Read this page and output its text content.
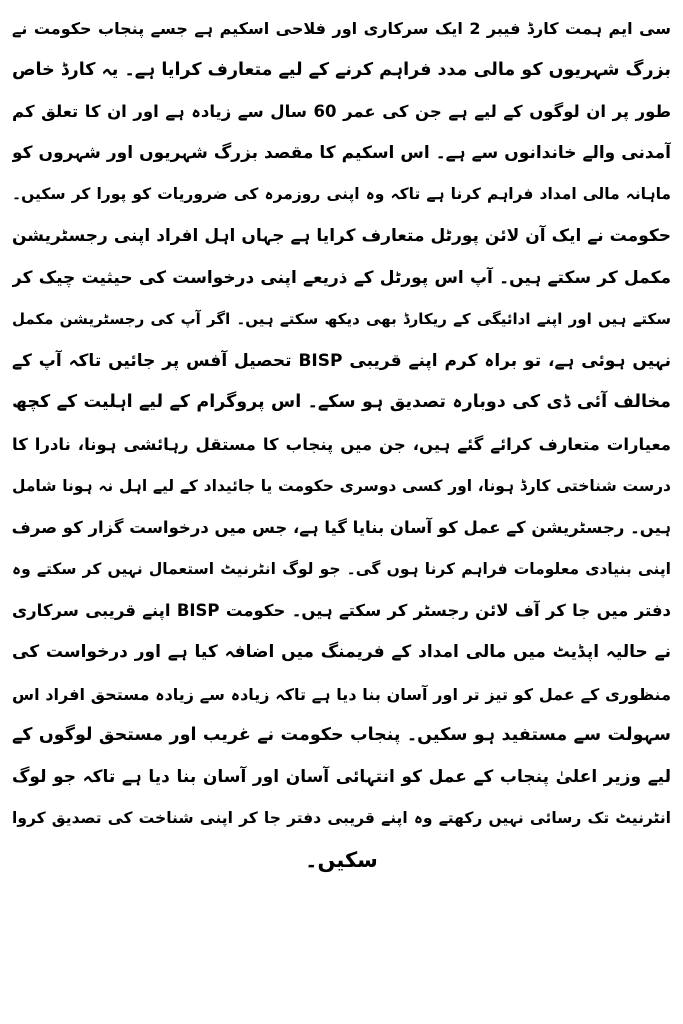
سی ایم ہمت کارڈ فیبر 2 ایک سرکاری اور فلاحی اسکیم ہے جسے پنجاب حکومت نے
بزرگ شہریوں کو مالی مدد فراہم کرنے کے لیے متعارف کرایا ہے۔ یہ کارڈ خاص
طور پر ان لوگوں کے لیے ہے جن کی عمر 60 سال سے زیادہ ہے اور ان کا تعلق کم
آمدنی والے خاندانوں سے ہے۔ اس اسکیم کا مقصد بزرگ شہریوں اور شہروں کو
ماہانہ مالی امداد فراہم کرنا ہے تاکہ وہ اپنی روزمرہ کی ضروریات کو پورا کر سکیں۔
حکومت نے ایک آن لائن پورٹل متعارف کرایا ہے جہاں اہل افراد اپنی رجسٹریشن
مکمل کر سکتے ہیں۔ آپ اس پورٹل کے ذریعے اپنی درخواست کی حیثیت چیک کر
سکتے ہیں اور اپنے ادائیگی کے ریکارڈ بھی دیکھ سکتے ہیں۔ اگر آپ کی رجسٹریشن مکمل
نہیں ہوئی ہے، تو براہ کرم اپنے قریبی BISP تحصیل آفس پر جائیں تاکہ آپ کے
مخالف آئی ڈی کی دوبارہ تصدیق ہو سکے۔ اس پروگرام کے لیے اہلیت کے کچھ
معیارات متعارف کرائے گئے ہیں، جن میں پنجاب کا مستقل رہائشی ہونا، نادرا کا
درست شناختی کارڈ ہونا، اور کسی دوسری حکومت یا جائیداد کے لیے اہل نہ ہونا شامل
ہیں۔ رجسٹریشن کے عمل کو آسان بنایا گیا ہے، جس میں درخواست گزار کو صرف
اپنی بنیادی معلومات فراہم کرنا ہوں گی۔ جو لوگ انٹرنیٹ استعمال نہیں کر سکتے وہ
دفتر میں جا کر آف لائن رجسٹر کر سکتے ہیں۔ حکومت BISP اپنے قریبی سرکاری
نے حالیہ اپڈیٹ میں مالی امداد کے فریمنگ میں اضافہ کیا ہے اور درخواست کی
منظوری کے عمل کو تیز تر اور آسان بنا دیا ہے تاکہ زیادہ سے زیادہ مستحق افراد اس
سہولت سے مستفید ہو سکیں۔ پنجاب حکومت نے غریب اور مستحق لوگوں کے
لیے وزیر اعلیٰ پنجاب کے عمل کو انتہائی آسان اور آسان بنا دیا ہے تاکہ جو لوگ
انٹرنیٹ تک رسائی نہیں رکھتے وہ اپنے قریبی دفتر جا کر اپنی شناخت کی تصدیق کروا
سکیں۔
